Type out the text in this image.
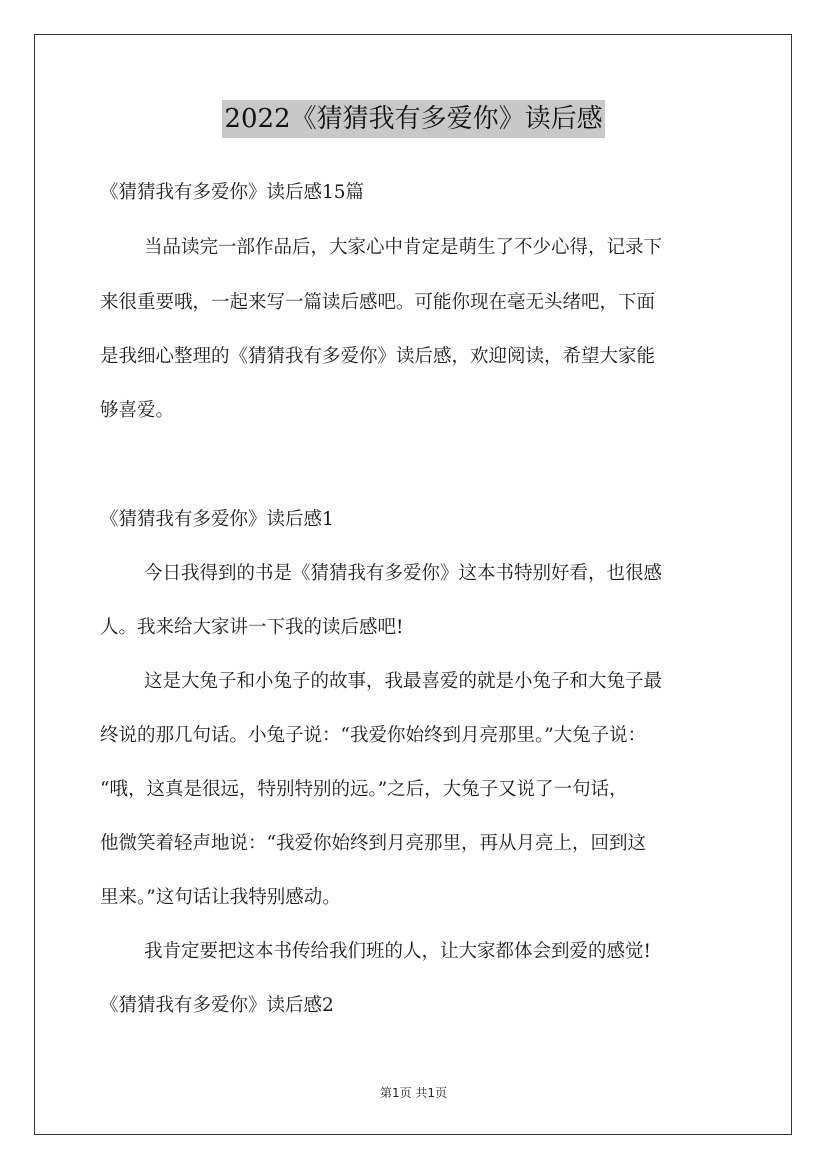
2022《猜猜我有多爱你》读后感
《猜猜我有多爱你》读后感15篇
当品读完一部作品后，大家心中肯定是萌生了不少心得，记录下
来很重要哦，一起来写一篇读后感吧。可能你现在毫无头绪吧，下面
是我细心整理的《猜猜我有多爱你》读后感，欢迎阅读，希望大家能
够喜爱。
《猜猜我有多爱你》读后感1
今日我得到的书是《猜猜我有多爱你》这本书特别好看，也很感
人。我来给大家讲一下我的读后感吧!
这是大兔子和小兔子的故事，我最喜爱的就是小兔子和大兔子最
终说的那几句话。小兔子说：“我爱你始终到月亮那里。”大兔子说：
“哦，这真是很远，特别特别的远。”之后，大兔子又说了一句话，
他微笑着轻声地说：“我爱你始终到月亮那里，再从月亮上，回到这
里来。”这句话让我特别感动。
我肯定要把这本书传给我们班的人，让大家都体会到爱的感觉!
《猜猜我有多爱你》读后感2
第1页 共1页
